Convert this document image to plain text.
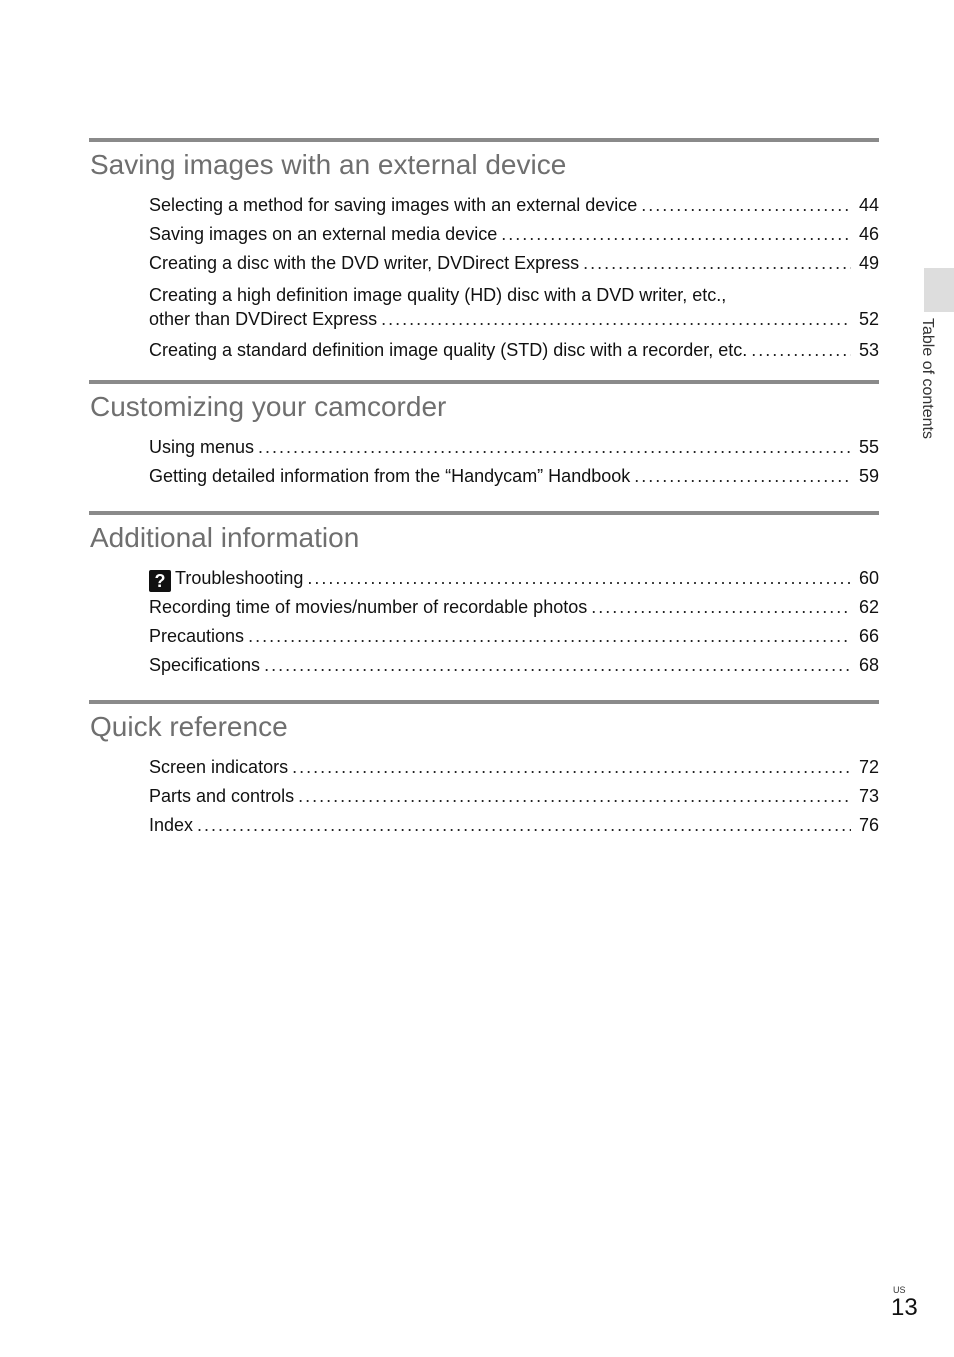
Saving images with an external device
Selecting a method for saving images with an external device .....	44
Saving images on an external media device .....	46
Creating a disc with the DVD writer, DVDirect Express .....	49
Creating a high definition image quality (HD) disc with a DVD writer, etc.,
other than DVDirect Express .....	52
Creating a standard definition image quality (STD) disc with a recorder, etc. .....	53
Customizing your camcorder
Using menus .....	55
Getting detailed information from the “Handycam” Handbook .....	59
Additional information
? Troubleshooting .....	60
Recording time of movies/number of recordable photos .....	62
Precautions .....	66
Specifications .....	68
Quick reference
Screen indicators .....	72
Parts and controls .....	73
Index .....	76
Table of contents
US
13
